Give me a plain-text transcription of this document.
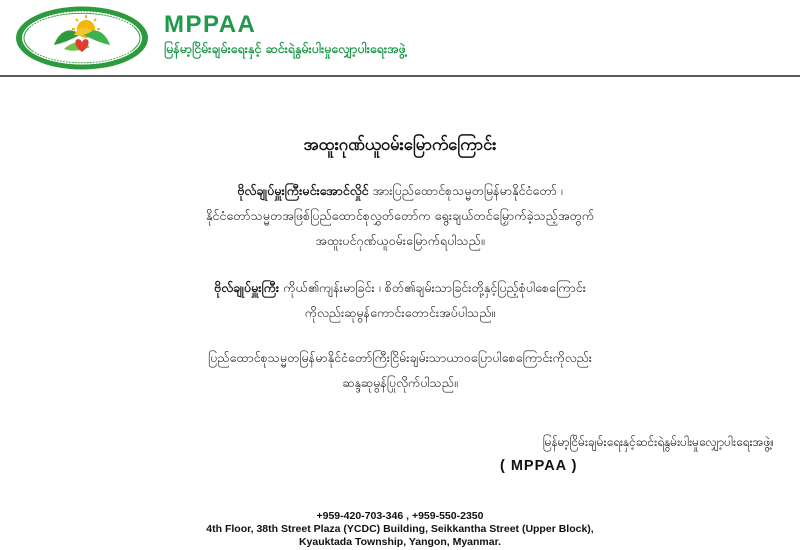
MPPAA
မြန်မာ့ငြိမ်းချမ်းရေးနှင့် ဆင်းရဲနွမ်းပါးမှုလျှော့ပါးရေးအဖွဲ့
အထူးဂုဏ်ယူဝမ်းမြောက်ကြောင်း
ဗိုလ်ချုပ်မှူးကြီးမင်းအောင်လှိုင် အားပြည်ထောင်စုသမ္မတမြန်မာနိုင်ငံတော် ၊
နိုင်ငံတော်သမ္မတအဖြစ်ပြည်ထောင်စုလွှတ်တော်က ရွေးချယ်တင်မြှောက်ခဲ့သည့်အတွက်
အထူးပင်ဂုဏ်ယူဝမ်းမြောက်ရပါသည်။
ဗိုလ်ချုပ်မှူးကြီး ကိုယ်၏ကျန်းမာခြင်း ၊ စိတ်၏ချမ်းသာခြင်းတို့နှင့်ပြည့်စုံပါစေကြောင်း
ကိုလည်းဆုမွန်ကောင်းတောင်းအပ်ပါသည်။
ပြည်ထောင်စုသမ္မတမြန်မာနိုင်ငံတော်ကြီးငြိမ်းချမ်းသာယာဝပြောပါစေကြောင်းကိုလည်း
ဆန္ဒဆုမွန်ပြုလိုက်ပါသည်။
မြန်မာ့ငြိမ်းချမ်းရေးနှင့်ဆင်းရဲနွမ်းပါးမှုလျှော့ပါးရေးအဖွဲ့။
( MPPAA )
+959-420-703-346 , +959-550-2350
4th Floor, 38th Street Plaza (YCDC) Building, Seikkantha Street (Upper Block),
Kyauktada Township, Yangon, Myanmar.
